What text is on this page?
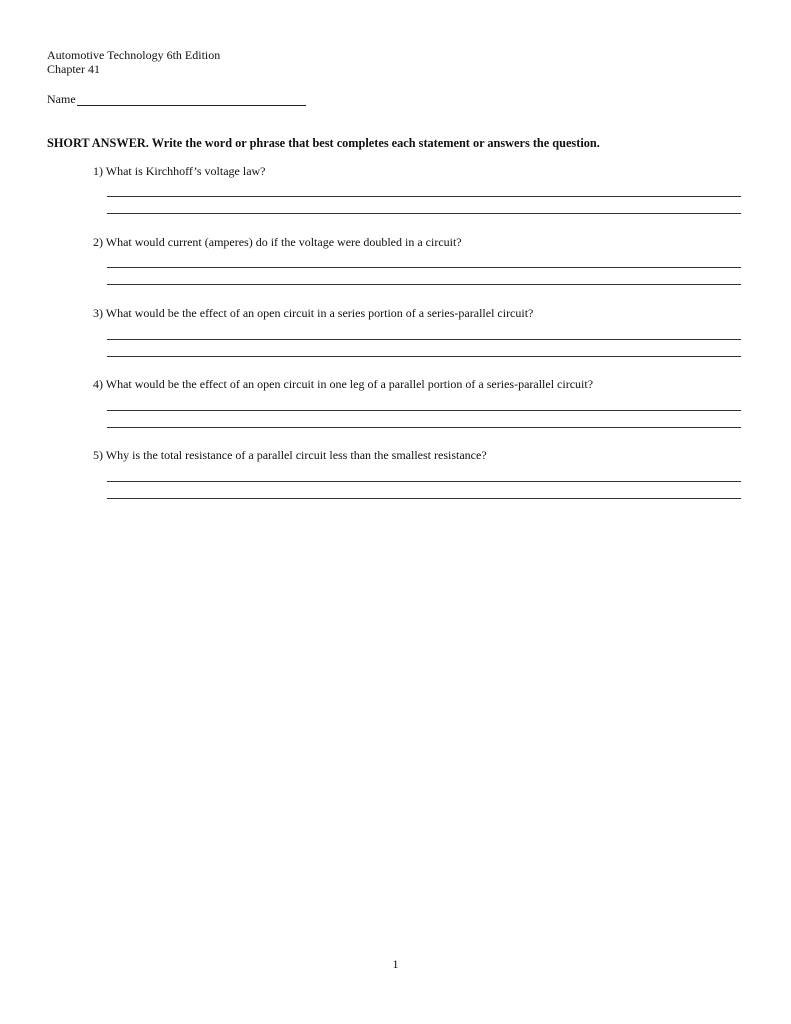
Automotive Technology 6th Edition
Chapter 41
Name
SHORT ANSWER. Write the word or phrase that best completes each statement or answers the question.
1) What is Kirchhoff’s voltage law?
2) What would current (amperes) do if the voltage were doubled in a circuit?
3) What would be the effect of an open circuit in a series portion of a series-parallel circuit?
4) What would be the effect of an open circuit in one leg of a parallel portion of a series-parallel circuit?
5) Why is the total resistance of a parallel circuit less than the smallest resistance?
1
